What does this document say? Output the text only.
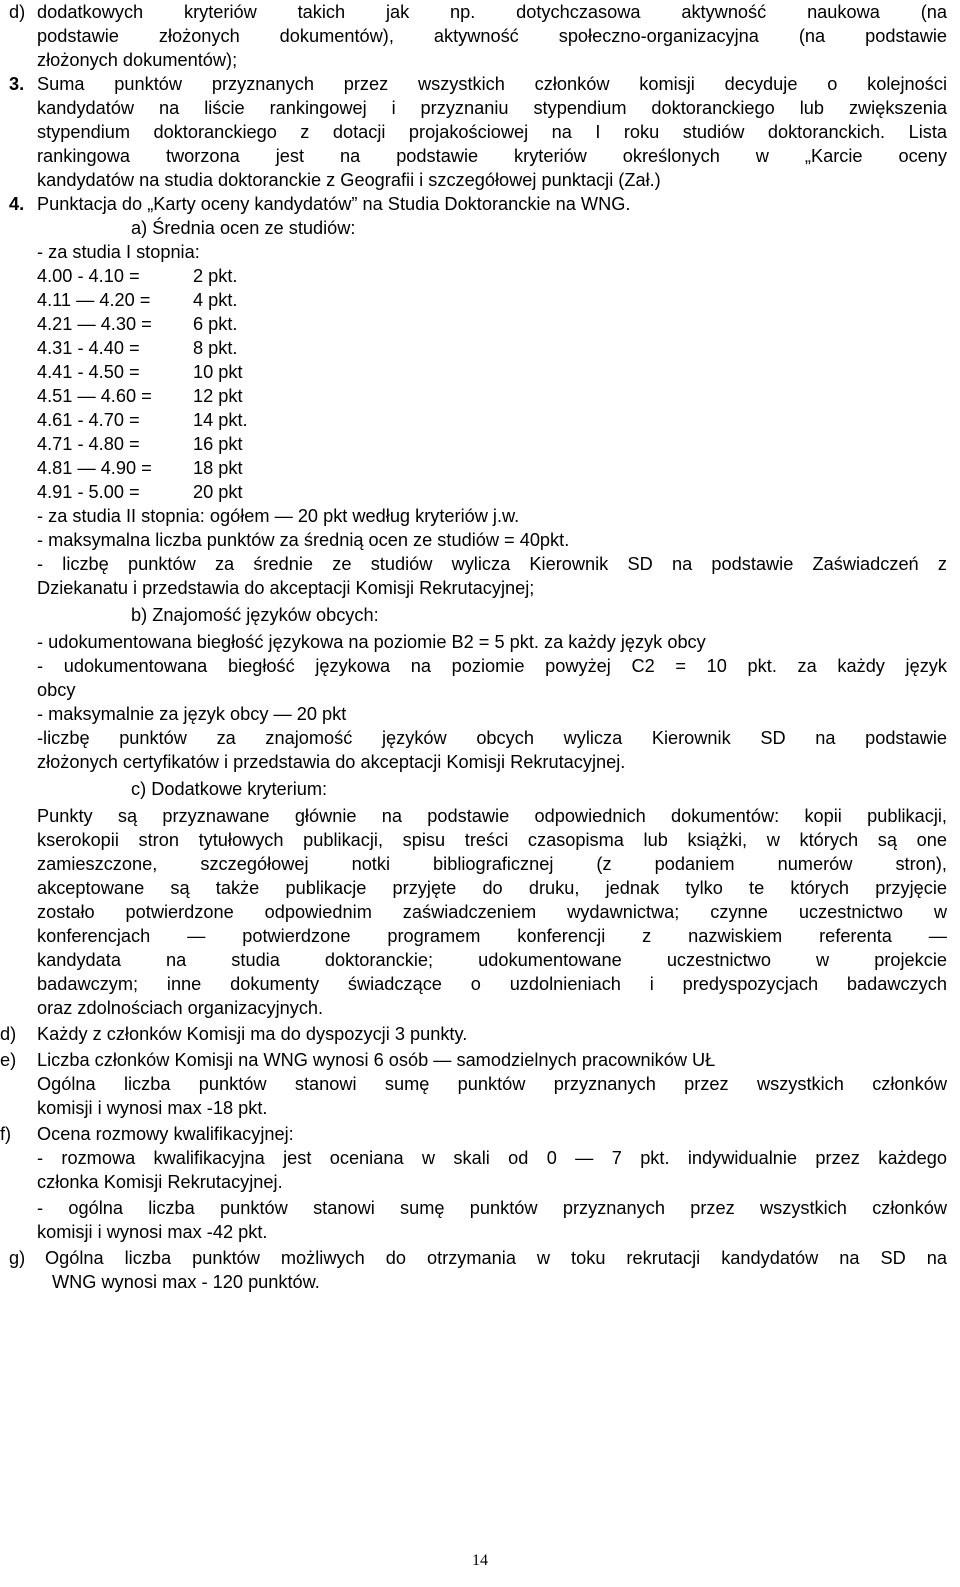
d) dodatkowych kryteriów takich jak np. dotychczasowa aktywność naukowa (na
podstawie złożonych dokumentów), aktywność społeczno-organizacyjna (na podstawie
złożonych dokumentów);
3. Suma punktów przyznanych przez wszystkich członków komisji decyduje o kolejności
kandydatów na liście rankingowej i przyznaniu stypendium doktoranckiego lub zwiększenia
stypendium doktoranckiego z dotacji projakościowej na I roku studiów doktoranckich. Lista
rankingowa tworzona jest na podstawie kryteriów określonych w „Karcie oceny
kandydatów na studia doktoranckie z Geografii i szczegółowej punktacji (Zał.)
4. Punktacja do „Karty oceny kandydatów” na Studia Doktoranckie na WNG.
a) Średnia ocen ze studiów:
- za studia I stopnia:
4.00 - 4.10 =	2 pkt.
4.11 — 4.20 = 4 pkt.
4.21 — 4.30 = 6 pkt.
4.31 - 4.40 =	8 pkt.
4.41 - 4.50 =	10 pkt
4.51 — 4.60 = 12 pkt
4.61 - 4.70 =	14 pkt.
4.71 - 4.80 =	16 pkt
4.81 — 4.90 = 18 pkt
4.91 - 5.00 =	20 pkt
- za studia II stopnia: ogółem — 20 pkt według kryteriów j.w.
- maksymalna liczba punktów za średnią ocen ze studiów = 40pkt.
- liczbę punktów za średnie ze studiów wylicza Kierownik SD na podstawie Zaświadczeń z
Dziekanatu i przedstawia do akceptacji Komisji Rekrutacyjnej;
b) Znajomość języków obcych:
- udokumentowana biegłość językowa na poziomie B2 = 5 pkt. za każdy język obcy
- udokumentowana biegłość językowa na poziomie powyżej C2 = 10 pkt. za każdy język
obcy
- maksymalnie za język obcy — 20 pkt
-liczbę punktów za znajomość języków obcych wylicza Kierownik SD na podstawie
złożonych certyfikatów i przedstawia do akceptacji Komisji Rekrutacyjnej.
c) Dodatkowe kryterium:
Punkty są przyznawane głównie na podstawie odpowiednich dokumentów: kopii publikacji,
kserokopii stron tytułowych publikacji, spisu treści czasopisma lub książki, w których są one
zamieszczone, szczegółowej notki bibliograficznej (z podaniem numerów stron),
akceptowane są także publikacje przyjęte do druku, jednak tylko te których przyjęcie
zostało potwierdzone odpowiednim zaświadczeniem wydawnictwa; czynne uczestnictwo w
konferencjach — potwierdzone programem konferencji z nazwiskiem referenta —
kandydata na studia doktoranckie; udokumentowane uczestnictwo w projekcie
badawczym; inne dokumenty świadczące o uzdolnieniach i predyspozycjach badawczych
oraz zdolnościach organizacyjnych.
d) Każdy z członków Komisji ma do dyspozycji 3 punkty.
e) Liczba członków Komisji na WNG wynosi 6 osób — samodzielnych pracowników UŁ
Ogólna liczba punktów stanowi sumę punktów przyznanych przez wszystkich członków
komisji i wynosi max -18 pkt.
f) Ocena rozmowy kwalifikacyjnej:
- rozmowa kwalifikacyjna jest oceniana w skali od 0 — 7 pkt. indywidualnie przez każdego
członka Komisji Rekrutacyjnej.
- ogólna liczba punktów stanowi sumę punktów przyznanych przez wszystkich członków
komisji i wynosi max -42 pkt.
g) Ogólna liczba punktów możliwych do otrzymania w toku rekrutacji kandydatów na SD na
WNG wynosi max - 120 punktów.
14
